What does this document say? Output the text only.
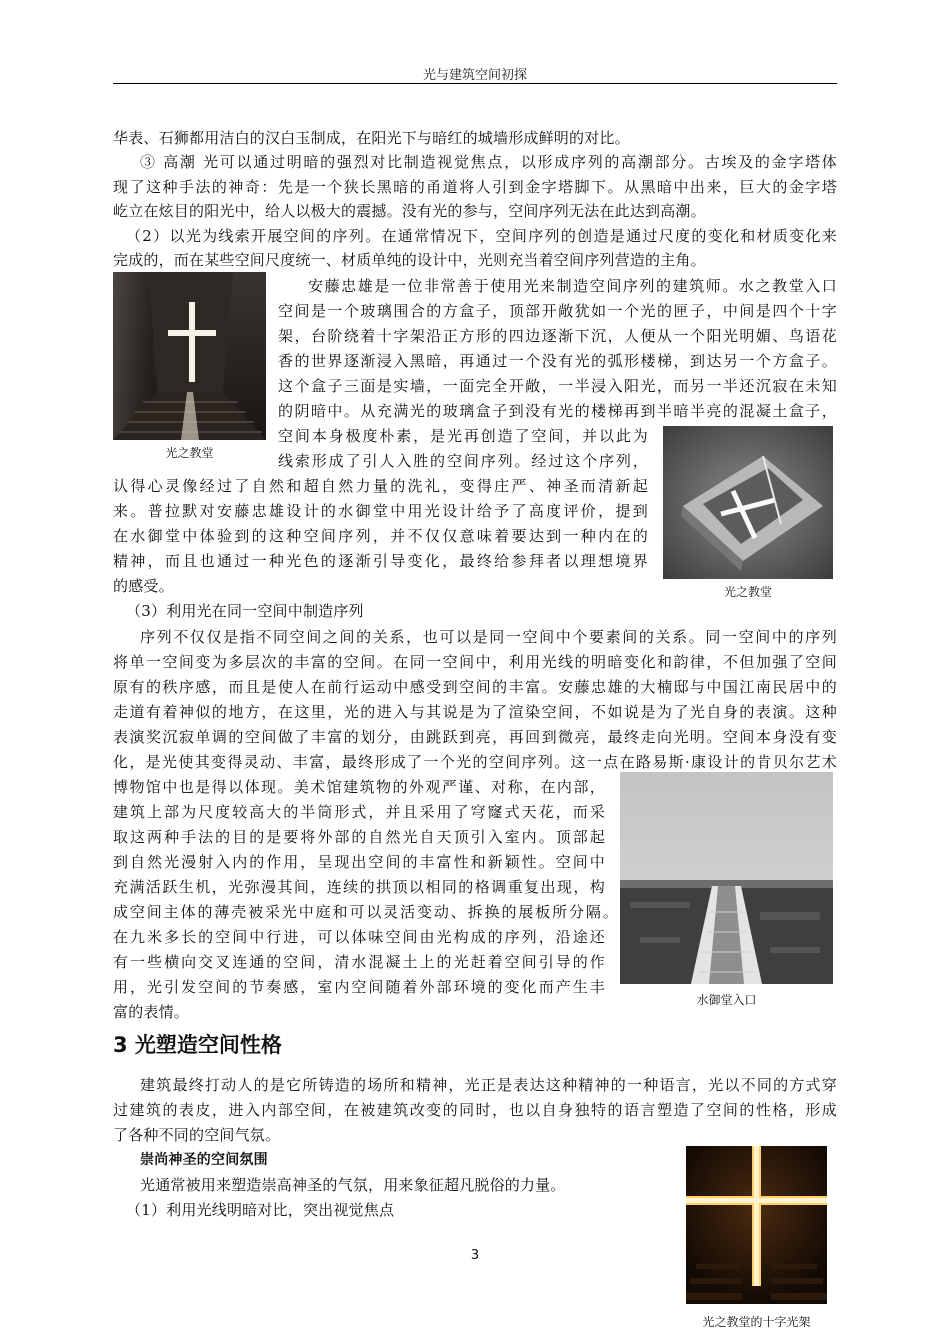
光与建筑空间初探
华表、石狮都用洁白的汉白玉制成，在阳光下与暗红的城墙形成鲜明的对比。
③ 高潮 光可以通过明暗的强烈对比制造视觉焦点，以形成序列的高潮部分。古埃及的金字塔体
现了这种手法的神奇：先是一个狭长黑暗的甬道将人引到金字塔脚下。从黑暗中出来，巨大的金字塔
屹立在炫目的阳光中，给人以极大的震撼。没有光的参与，空间序列无法在此达到高潮。
（2）以光为线索开展空间的序列。在通常情况下，空间序列的创造是通过尺度的变化和材质变化来
完成的，而在某些空间尺度统一、材质单纯的设计中，光则充当着空间序列营造的主角。
安藤忠雄是一位非常善于使用光来制造空间序列的建筑师。水之教堂入口
空间是一个玻璃围合的方盒子，顶部开敞犹如一个光的匣子，中间是四个十字
架，台阶绕着十字架沿正方形的四边逐渐下沉，人便从一个阳光明媚、鸟语花
香的世界逐渐浸入黑暗，再通过一个没有光的弧形楼梯，到达另一个方盒子。
这个盒子三面是实墙，一面完全开敞，一半浸入阳光，而另一半还沉寂在未知
的阴暗中。从充满光的玻璃盒子到没有光的楼梯再到半暗半亮的混凝土盒子，
空间本身极度朴素，是光再创造了空间，并以此为
线索形成了引人入胜的空间序列。经过这个序列，
认得心灵像经过了自然和超自然力量的洗礼，变得庄严、神圣而清新起
来。普拉默对安藤忠雄设计的水御堂中用光设计给予了高度评价，提到
在水御堂中体验到的这种空间序列，并不仅仅意味着要达到一种内在的
精神，而且也通过一种光色的逐渐引导变化，最终给参拜者以理想境界
的感受。
（3）利用光在同一空间中制造序列
序列不仅仅是指不同空间之间的关系，也可以是同一空间中个要素间的关系。同一空间中的序列
将单一空间变为多层次的丰富的空间。在同一空间中，利用光线的明暗变化和韵律，不但加强了空间
原有的秩序感，而且是使人在前行运动中感受到空间的丰富。安藤忠雄的大楠邸与中国江南民居中的
走道有着神似的地方，在这里，光的进入与其说是为了渲染空间，不如说是为了光自身的表演。这种
表演奖沉寂单调的空间做了丰富的划分，由跳跃到亮，再回到微亮，最终走向光明。空间本身没有变
化，是光使其变得灵动、丰富，最终形成了一个光的空间序列。这一点在路易斯·康设计的肯贝尔艺术
博物馆中也是得以体现。美术馆建筑物的外观严谨、对称，在内部，
建筑上部为尺度较高大的半筒形式，并且采用了穹窿式天花，而采
取这两种手法的目的是要将外部的自然光自天顶引入室内。顶部起
到自然光漫射入内的作用，呈现出空间的丰富性和新颖性。空间中
充满活跃生机，光弥漫其间，连续的拱顶以相同的格调重复出现，构
成空间主体的薄壳被采光中庭和可以灵活变动、拆换的展板所分隔。
在九米多长的空间中行进，可以体味空间由光构成的序列，沿途还
有一些横向交叉连通的空间，清水混凝土上的光赶着空间引导的作
用，光引发空间的节奏感，室内空间随着外部环境的变化而产生丰
富的表情。
3 光塑造空间性格
建筑最终打动人的是它所铸造的场所和精神，光正是表达这种精神的一种语言，光以不同的方式穿
过建筑的表皮，进入内部空间，在被建筑改变的同时，也以自身独特的语言塑造了空间的性格，形成
了各种不同的空间气氛。
崇尚神圣的空间氛围
光通常被用来塑造崇高神圣的气氛，用来象征超凡脱俗的力量。
（1）利用光线明暗对比，突出视觉焦点
光之教堂
光之教堂
水御堂入口
光之教堂的十字光架
3
